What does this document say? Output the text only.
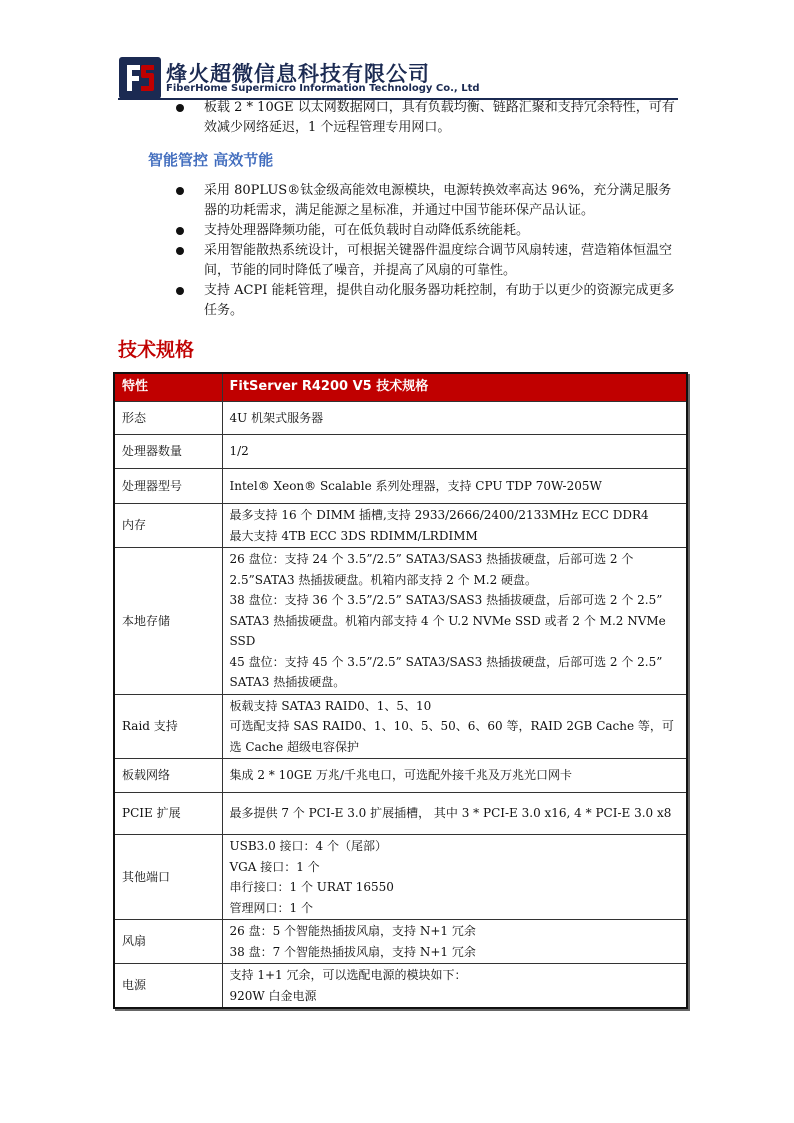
烽火超微信息科技有限公司
FiberHome Supermicro Information Technology Co., Ltd
板载 2 * 10GE 以太网数据网口，具有负载均衡、链路汇聚和支持冗余特性，可有效减少网络延迟，1 个远程管理专用网口。
智能管控 高效节能
采用 80PLUS®钛金级高能效电源模块，电源转换效率高达 96%，充分满足服务器的功耗需求，满足能源之星标准，并通过中国节能环保产品认证。
支持处理器降频功能，可在低负载时自动降低系统能耗。
采用智能散热系统设计，可根据关键器件温度综合调节风扇转速，营造箱体恒温空间，节能的同时降低了噪音，并提高了风扇的可靠性。
支持 ACPI 能耗管理，提供自动化服务器功耗控制，有助于以更少的资源完成更多任务。
技术规格
特性	FitServer R4200 V5 技术规格
形态	4U 机架式服务器

处理器数量	1/2

处理器型号	Intel® Xeon® Scalable 系列处理器，支持 CPU TDP 70W-205W

内存	最多支持 16 个 DIMM 插槽,支持 2933/2666/2400/2133MHz ECC DDR4
最大支持 4TB ECC 3DS RDIMM/LRDIMM

本地存储	26 盘位：支持 24 个 3.5”/2.5” SATA3/SAS3 热插拔硬盘，后部可选 2 个 2.5”SATA3 热插拔硬盘。机箱内部支持 2 个 M.2 硬盘。
38 盘位：支持 36 个 3.5”/2.5” SATA3/SAS3 热插拔硬盘，后部可选 2 个 2.5” SATA3 热插拔硬盘。机箱内部支持 4 个 U.2 NVMe SSD 或者 2 个 M.2 NVMe SSD
45 盘位：支持 45 个 3.5”/2.5” SATA3/SAS3 热插拔硬盘，后部可选 2 个 2.5” SATA3 热插拔硬盘。

Raid 支持	板载支持 SATA3 RAID0、1、5、10
可选配支持 SAS RAID0、1、10、5、50、6、60 等，RAID 2GB Cache 等，可选 Cache 超级电容保护

板载网络	集成 2 * 10GE 万兆/千兆电口，可选配外接千兆及万兆光口网卡

PCIE 扩展	最多提供 7 个 PCI-E 3.0 扩展插槽， 其中 3 * PCI-E 3.0 x16, 4 * PCI-E 3.0 x8

其他端口	USB3.0 接口：4 个（尾部）
VGA 接口：1 个
串行接口：1 个 URAT 16550
管理网口：1 个

风扇	26 盘：5 个智能热插拔风扇，支持 N+1 冗余
38 盘：7 个智能热插拔风扇，支持 N+1 冗余

电源	支持 1+1 冗余，可以选配电源的模块如下：
920W 白金电源
